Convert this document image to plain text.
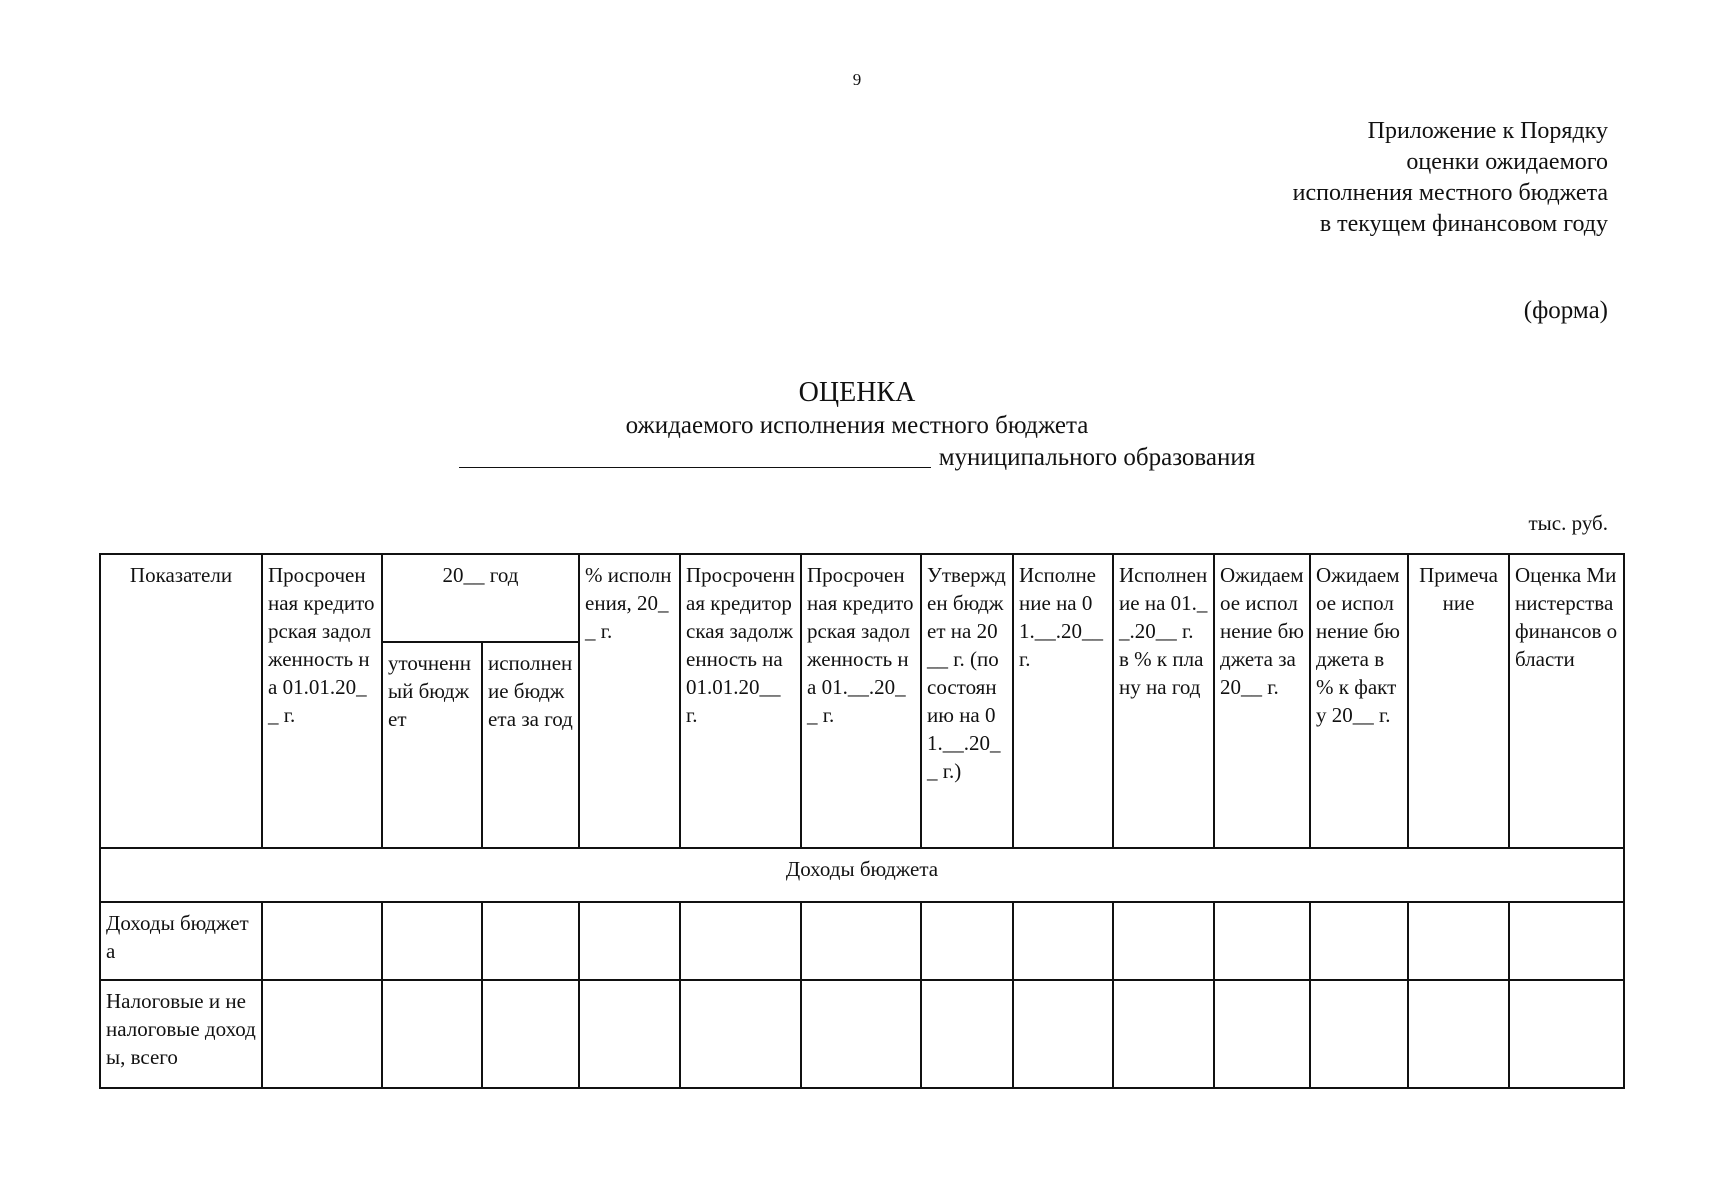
9
Приложение к Порядку
оценки ожидаемого
исполнения местного бюджета
в текущем финансовом году
(форма)
ОЦЕНКА
ожидаемого исполнения местного бюджета
муниципального образования
тыс. руб.
Показатели	Просроченная кредиторская задолженность на 01.01.20__ г.	20__ год		% исполнения, 20__ г.	Просроченная кредиторская задолженность на 01.01.20__ г.	Просроченная кредиторская задолженность на 01.__.20__ г.	Утвержден бюджет на 20__ г. (по состоянию на 01.__.20__ г.)	Исполнение на 01.__.20__ г.	Исполнение на 01.__.20__ г. в % к плану на год	Ожидаемое исполнение бюджета за 20__ г.	Ожидаемое исполнение бюджета в % к факту 20__ г.	Примечание	Оценка Министерства финансов области
		уточненный бюджет	исполнение бюджета за год										
Доходы бюджета													
Доходы бюджета													
Налоговые и неналоговые доходы, всего													
